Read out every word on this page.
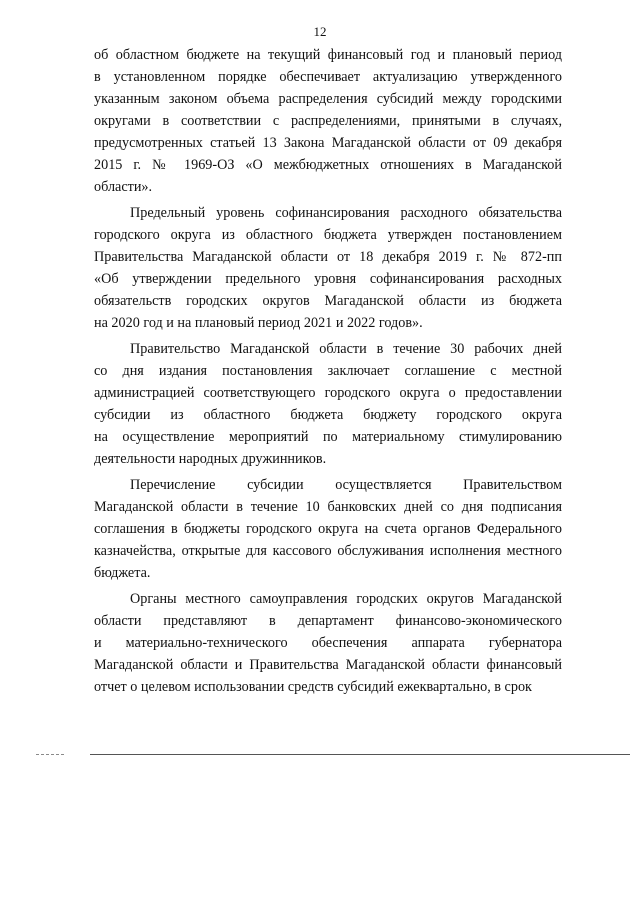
12
об областном бюджете на текущий финансовый год и плановый период
в установленном порядке обеспечивает актуализацию утвержденного
указанным законом объема распределения субсидий между городскими
округами в соответствии с распределениями, принятыми в случаях,
предусмотренных статьей 13 Закона Магаданской области от 09 декабря
2015 г. № 1969-ОЗ «О межбюджетных отношениях в Магаданской
области».
Предельный уровень софинансирования расходного обязательства
городского округа из областного бюджета утвержден постановлением
Правительства Магаданской области от 18 декабря 2019 г. № 872-пп
«Об утверждении предельного уровня софинансирования расходных
обязательств городских округов Магаданской области из бюджета
на 2020 год и на плановый период 2021 и 2022 годов».
Правительство Магаданской области в течение 30 рабочих дней
со дня издания постановления заключает соглашение с местной
администрацией соответствующего городского округа о предоставлении
субсидии из областного бюджета бюджету городского округа
на осуществление мероприятий по материальному стимулированию
деятельности народных дружинников.
Перечисление субсидии осуществляется Правительством
Магаданской области в течение 10 банковских дней со дня подписания
соглашения в бюджеты городского округа на счета органов Федерального
казначейства, открытые для кассового обслуживания исполнения местного
бюджета.
Органы местного самоуправления городских округов Магаданской
области представляют в департамент финансово-экономического
и материально-технического обеспечения аппарата губернатора
Магаданской области и Правительства Магаданской области финансовый
отчет о целевом использовании средств субсидий ежеквартально, в срок
